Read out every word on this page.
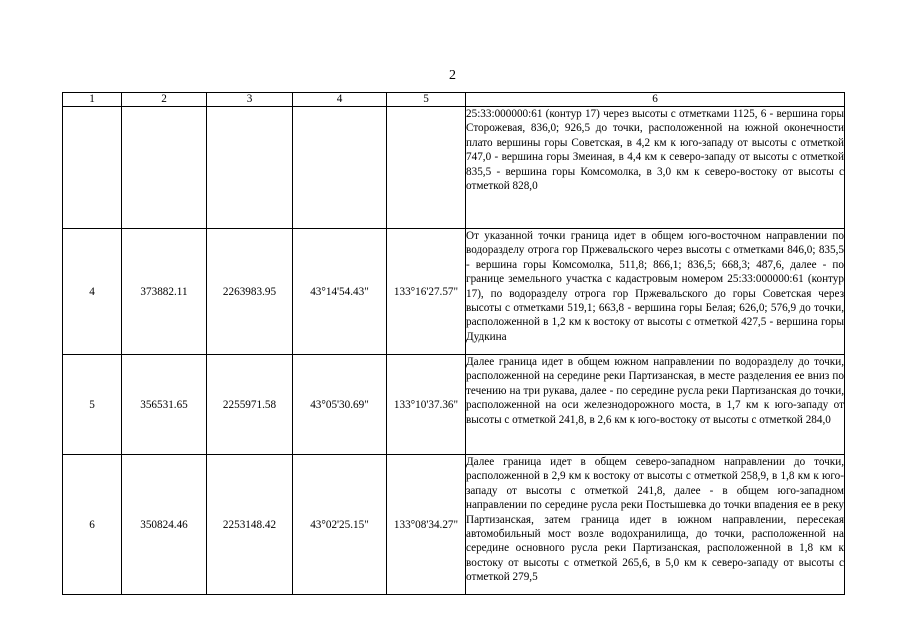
2
1	2	3	4	5	6
					25:33:000000:61 (контур 17) через высоты с отметками 1125, 6 - вершина горы Сторожевая, 836,0; 926,5 до точки, расположенной на южной оконечности плато вершины горы Советская, в 4,2 км к юго-западу от высоты с отметкой 747,0 - вершина горы Змеиная, в 4,4 км к северо-западу от высоты с отметкой 835,5 - вершина горы Комсомолка, в 3,0 км к северо-востоку от высоты с отметкой 828,0

4	373882.11	2263983.95	43°14'54.43"	133°16'27.57"	От указанной точки граница идет в общем юго-восточном направлении по водоразделу отрога гор Пржевальского через высоты с отметками 846,0; 835,5 - вершина горы Комсомолка, 511,8; 866,1; 836,5; 668,3; 487,6, далее - по границе земельного участка с кадастровым номером 25:33:000000:61 (контур 17), по водоразделу отрога гор Пржевальского до горы Советская через высоты с отметками 519,1; 663,8 - вершина горы Белая; 626,0; 576,9 до точки, расположенной в 1,2 км к востоку от высоты с отметкой 427,5 - вершина горы Дудкина
5	356531.65	2255971.58	43°05'30.69"	133°10'37.36"	Далее граница идет в общем южном направлении по водоразделу до точки, расположенной на середине реки Партизанская, в месте разделения ее вниз по течению на три рукава, далее - по середине русла реки Партизанская до точки, расположенной на оси железнодорожного моста, в 1,7 км к юго-западу от высоты с отметкой 241,8, в 2,6 км к юго-востоку от высоты с отметкой 284,0
6	350824.46	2253148.42	43°02'25.15"	133°08'34.27"	Далее граница идет в общем северо-западном направлении до точки, расположенной в 2,9 км к востоку от высоты с отметкой 258,9, в 1,8 км к юго-западу от высоты с отметкой 241,8, далее - в общем юго-западном направлении по середине русла реки Постышевка до точки впадения ее в реку Партизанская, затем граница идет в южном направлении, пересекая автомобильный мост возле водохранилища, до точки, расположенной на середине основного русла реки Партизанская, расположенной в 1,8 км к востоку от высоты с отметкой 265,6, в 5,0 км к северо-западу от высоты с отметкой 279,5
